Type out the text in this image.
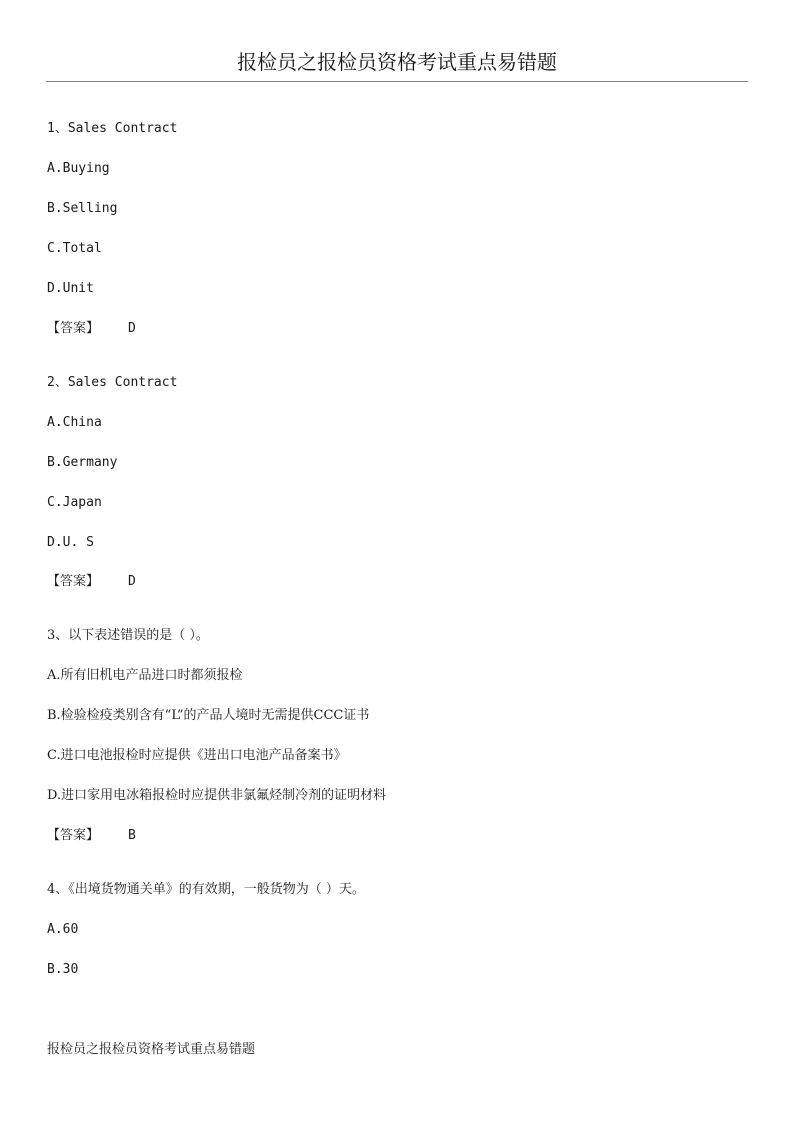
报检员之报检员资格考试重点易错题
1、Sales Contract
A.Buying
B.Selling
C.Total
D.Unit
【答案】 D
2、Sales Contract
A.China
B.Germany
C.Japan
D.U. S
【答案】 D
3、以下表述错误的是（ ）。
A.所有旧机电产品进口时都须报检
B.检验检疫类别含有“L”的产品人境时无需提供CCC证书
C.进口电池报检时应提供《进出口电池产品备案书》
D.进口家用电冰箱报检时应提供非氯氟烃制冷剂的证明材料
【答案】 B
4、《出境货物通关单》的有效期，一般货物为（ ）天。
A.60
B.30
报检员之报检员资格考试重点易错题
